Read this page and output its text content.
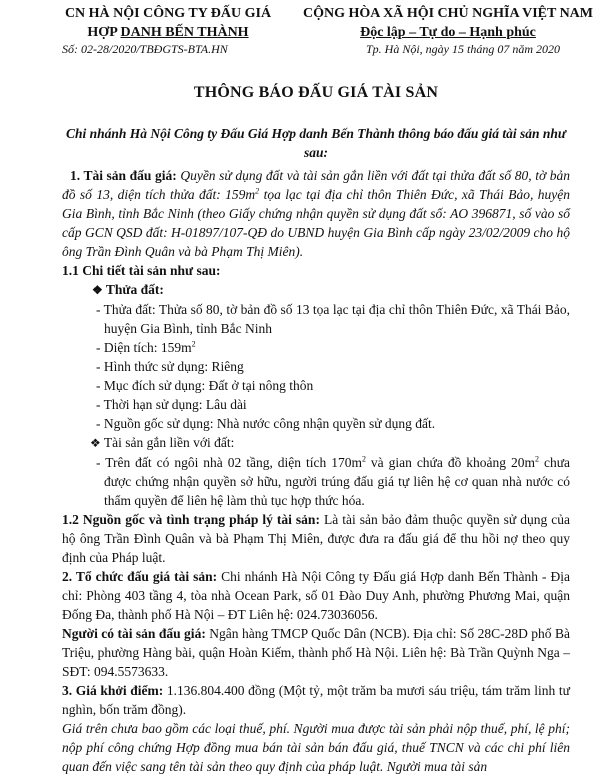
CN HÀ NỘI CÔNG TY ĐẤU GIÁ
HỢP DANH BẾN THÀNH
CỘNG HÒA XÃ HỘI CHỦ NGHĨA VIỆT NAM
Độc lập – Tự do – Hạnh phúc
Số: 02-28/2020/TBĐGTS-BTA.HN	Tp. Hà Nội, ngày 15 tháng 07 năm 2020
THÔNG BÁO ĐẤU GIÁ TÀI SẢN
Chi nhánh Hà Nội Công ty Đấu Giá Hợp danh Bến Thành thông báo đấu giá tài sản như sau:

1. Tài sản đấu giá: Quyền sử dụng đất và tài sản gắn liền với đất tại thửa đất số 80, tờ bản đồ số 13, diện tích thửa đất: $159m^2$ tọa lạc tại địa chỉ thôn Thiên Đức, xã Thái Bảo, huyện Gia Bình, tỉnh Bắc Ninh (theo Giấy chứng nhận quyền sử dụng đất số: AO 396871, số vào sổ cấp GCN QSD đất: H-01897/107-QĐ do UBND huyện Gia Bình cấp ngày 23/02/2009 cho hộ ông Trần Đình Quân và bà Phạm Thị Miên).

1.1 Chi tiết tài sản như sau:

❖ Thửa đất:

- Thửa đất: Thửa số 80, tờ bản đồ số 13 tọa lạc tại địa chỉ thôn Thiên Đức, xã Thái Bảo, huyện Gia Bình, tỉnh Bắc Ninh

- Diện tích: $159m^2$

- Hình thức sử dụng: Riêng

- Mục đích sử dụng: Đất ở tại nông thôn

- Thời hạn sử dụng: Lâu dài

- Nguồn gốc sử dụng: Nhà nước công nhận quyền sử dụng đất.

❖ Tài sản gắn liền với đất:

- Trên đất có ngôi nhà 02 tầng, diện tích $170m^2$ và gian chứa đồ khoảng $20m^2$ chưa được chứng nhận quyền sở hữu, người trúng đấu giá tự liên hệ cơ quan nhà nước có thẩm quyền để liên hệ làm thủ tục hợp thức hóa.

1.2 Nguồn gốc và tình trạng pháp lý tài sản: Là tài sản bảo đảm thuộc quyền sử dụng của hộ ông Trần Đình Quân và bà Phạm Thị Miên, được đưa ra đấu giá để thu hồi nợ theo quy định của Pháp luật.

2. Tổ chức đấu giá tài sản: Chi nhánh Hà Nội Công ty Đấu giá Hợp danh Bến Thành - Địa chỉ: Phòng 403 tầng 4, tòa nhà Ocean Park, số 01 Đào Duy Anh, phường Phương Mai, quận Đống Đa, thành phố Hà Nội – ĐT Liên hệ: 024.73036056.

Người có tài sản đấu giá: Ngân hàng TMCP Quốc Dân (NCB). Địa chỉ: Số 28C-28D phố Bà Triệu, phường Hàng bài, quận Hoàn Kiếm, thành phố Hà Nội. Liên hệ: Bà Trần Quỳnh Nga – SĐT: 094.5573633.

3. Giá khởi điểm: 1.136.804.400 đồng (Một tỷ, một trăm ba mươi sáu triệu, tám trăm linh tư nghìn, bốn trăm đồng).

Giá trên chưa bao gồm các loại thuế, phí. Người mua được tài sản phải nộp thuế, phí, lệ phí; nộp phí công chứng Hợp đồng mua bán tài sản bán đấu giá, thuế TNCN và các chi phí liên quan đến việc sang tên tài sản theo quy định của pháp luật. Người mua tài sản
